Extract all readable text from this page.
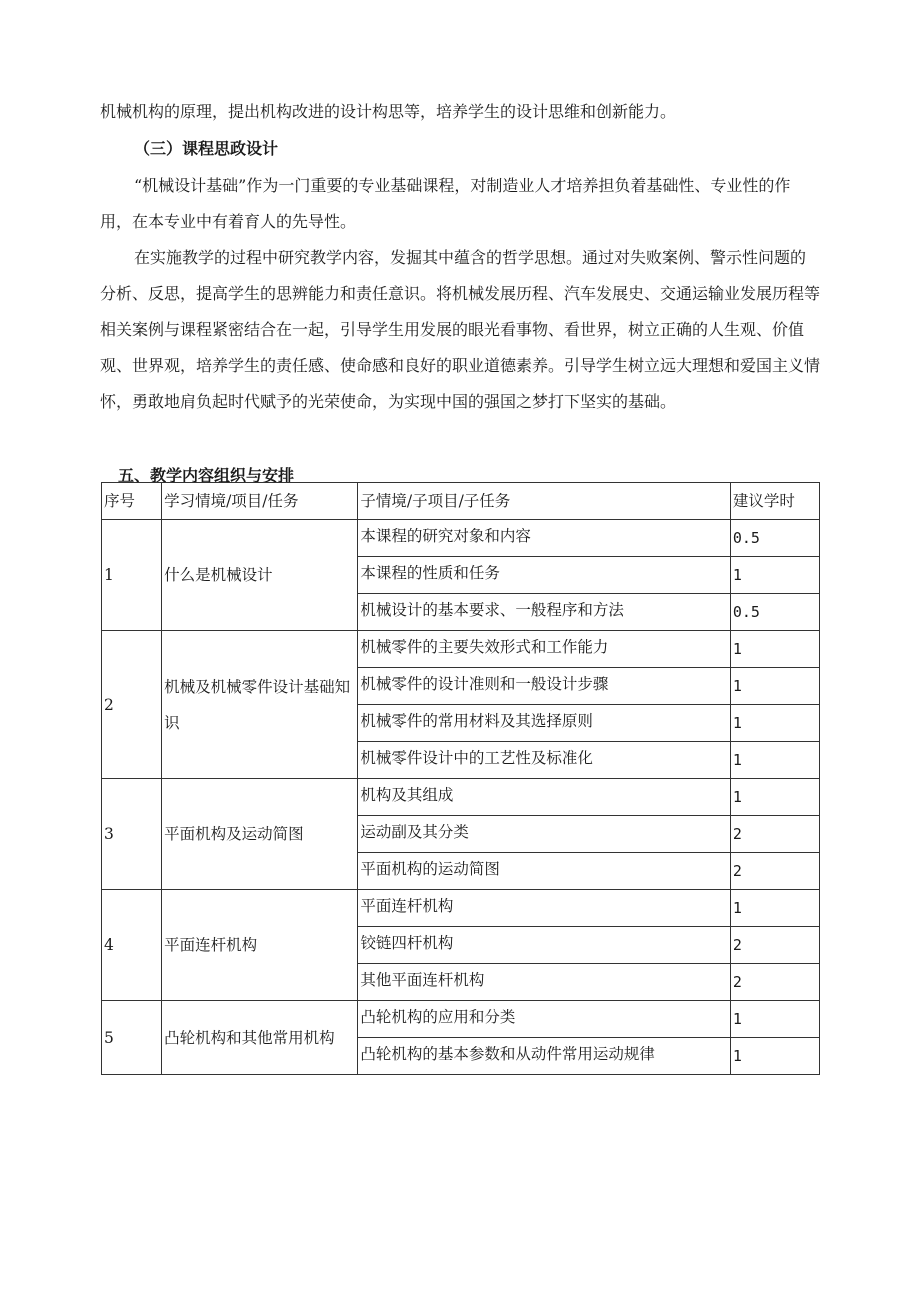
机械机构的原理，提出机构改进的设计构思等，培养学生的设计思维和创新能力。

（三）课程思政设计

“机械设计基础”作为一门重要的专业基础课程，对制造业人才培养担负着基础性、专业性的作用，在本专业中有着育人的先导性。

在实施教学的过程中研究教学内容，发掘其中蕴含的哲学思想。通过对失败案例、警示性问题的分析、反思，提高学生的思辨能力和责任意识。将机械发展历程、汽车发展史、交通运输业发展历程等相关案例与课程紧密结合在一起，引导学生用发展的眼光看事物、看世界，树立正确的人生观、价值观、世界观，培养学生的责任感、使命感和良好的职业道德素养。引导学生树立远大理想和爱国主义情怀，勇敢地肩负起时代赋予的光荣使命，为实现中国的强国之梦打下坚实的基础。

五、教学内容组织与安排
序号	学习情境/项目/任务	子情境/子项目/子任务	建议学时
1	什么是机械设计	本课程的研究对象和内容	0.5
		本课程的性质和任务	1
		机械设计的基本要求、一般程序和方法	0.5
2	机械及机械零件设计基础知识	机械零件的主要失效形式和工作能力	1
		机械零件的设计准则和一般设计步骤	1
		机械零件的常用材料及其选择原则	1
		机械零件设计中的工艺性及标准化	1
3	平面机构及运动简图	机构及其组成	1
		运动副及其分类	2
		平面机构的运动简图	2
4	平面连杆机构	平面连杆机构	1
		铰链四杆机构	2
		其他平面连杆机构	2
5	凸轮机构和其他常用机构	凸轮机构的应用和分类	1
		凸轮机构的基本参数和从动件常用运动规律	1
